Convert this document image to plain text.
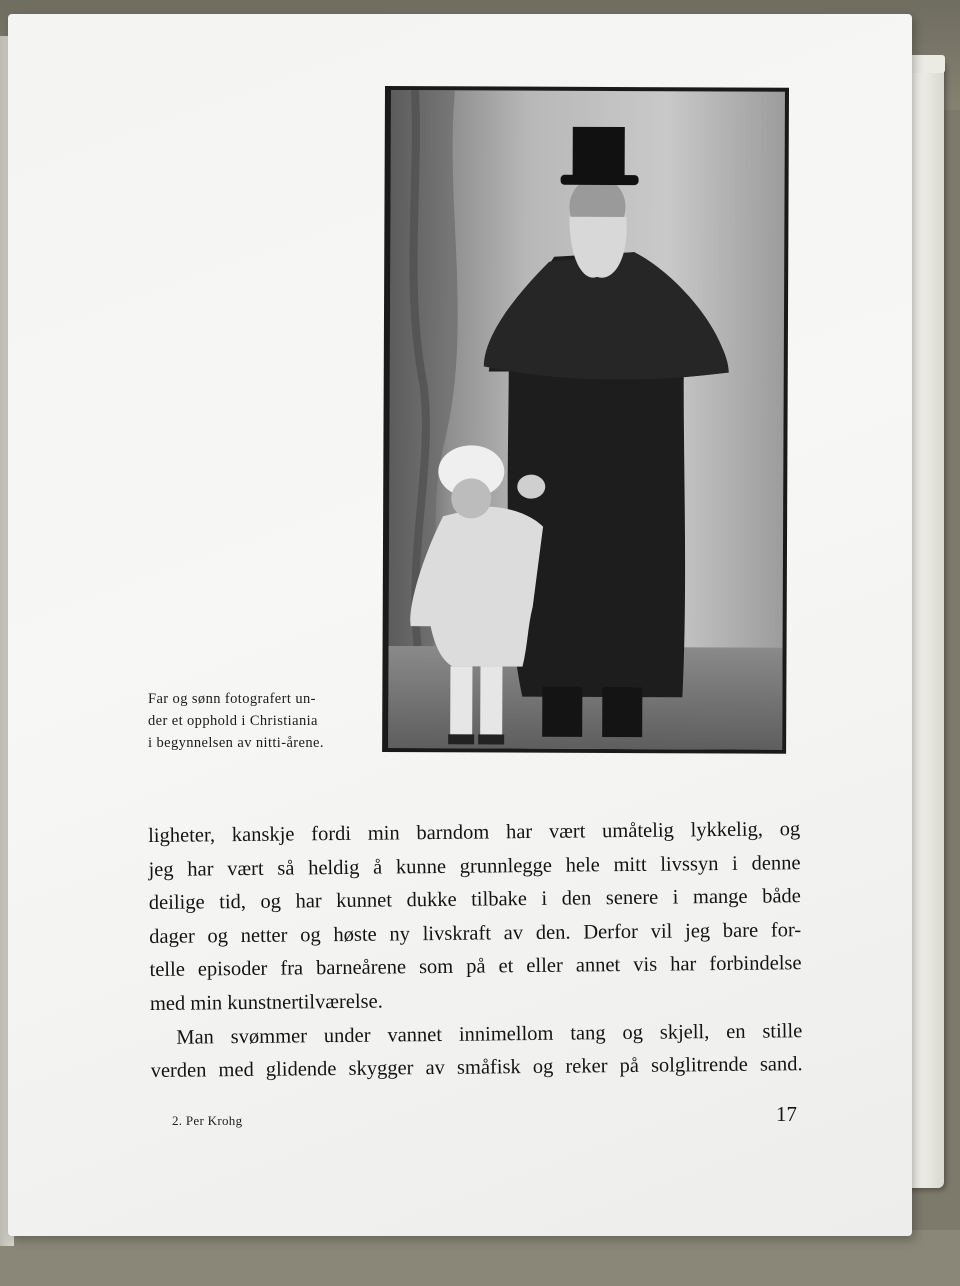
Far og sønn fotografert un-
der et opphold i Christiania
i begynnelsen av nitti-årene.
ligheter, kanskje fordi min barndom har vært umåtelig lykkelig, og
jeg har vært så heldig å kunne grunnlegge hele mitt livssyn i denne
deilige tid, og har kunnet dukke tilbake i den senere i mange både
dager og netter og høste ny livskraft av den. Derfor vil jeg bare for-
telle episoder fra barneårene som på et eller annet vis har forbindelse
med min kunstnertilværelse.
Man svømmer under vannet innimellom tang og skjell, en stille
verden med glidende skygger av småfisk og reker på solglitrende sand.
2. Per Krohg	17
